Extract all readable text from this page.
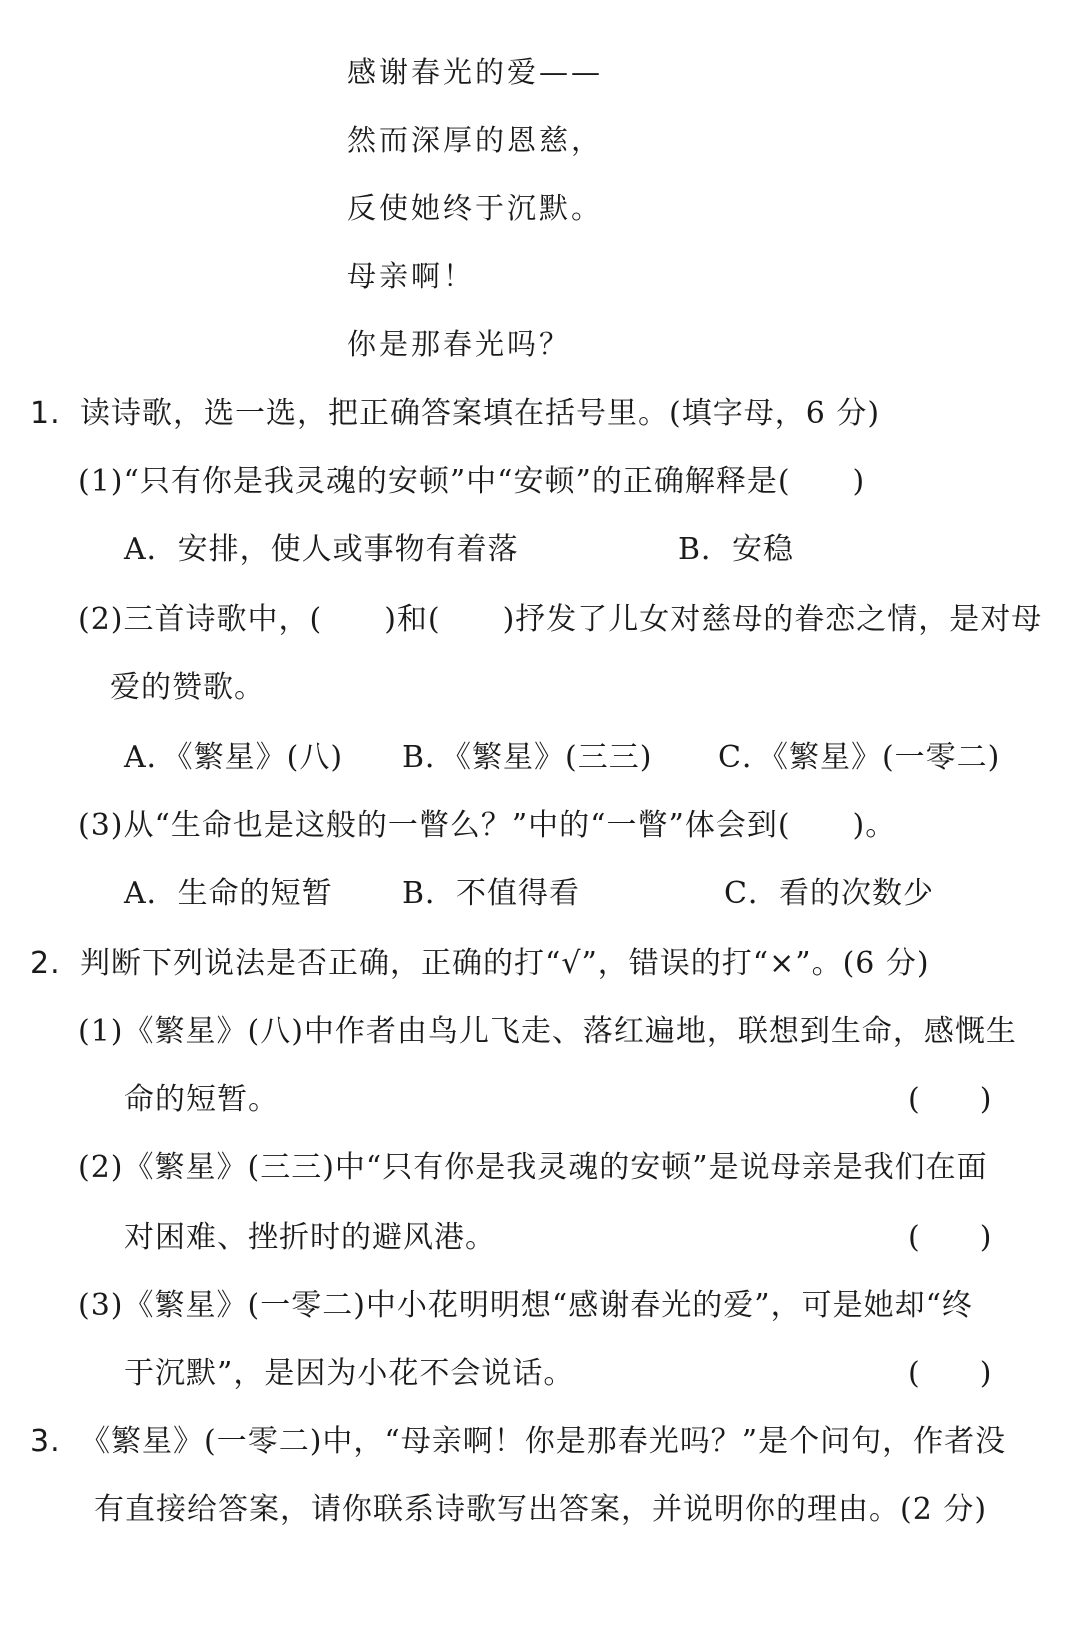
感谢春光的爱——
然而深厚的恩慈，
反使她终于沉默。
母亲啊！
你是那春光吗？
1. 读诗歌，选一选，把正确答案填在括号里。(填字母，6 分)
(1)“只有你是我灵魂的安顿”中“安顿”的正确解释是(　　)
A．安排，使人或事物有着落	B．安稳
(2)三首诗歌中，(　　)和(　　)抒发了儿女对慈母的眷恋之情，是对母
爱的赞歌。
A．《繁星》(八) B．《繁星》(三三) C．《繁星》(一零二)
(3)从“生命也是这般的一瞥么？”中的“一瞥”体会到(　　)。
A．生命的短暂 B．不值得看	C．看的次数少
2. 判断下列说法是否正确，正确的打“√”，错误的打“×”。(6 分)
(1)《繁星》(八)中作者由鸟儿飞走、落红遍地，联想到生命，感慨生
命的短暂。	(　　)
(2)《繁星》(三三)中“只有你是我灵魂的安顿”是说母亲是我们在面
对困难、挫折时的避风港。	(　　)
(3)《繁星》(一零二)中小花明明想“感谢春光的爱”，可是她却“终
于沉默”，是因为小花不会说话。	(　　)
3. 《繁星》(一零二)中，“母亲啊！你是那春光吗？”是个问句，作者没
有直接给答案，请你联系诗歌写出答案，并说明你的理由。(2 分)
